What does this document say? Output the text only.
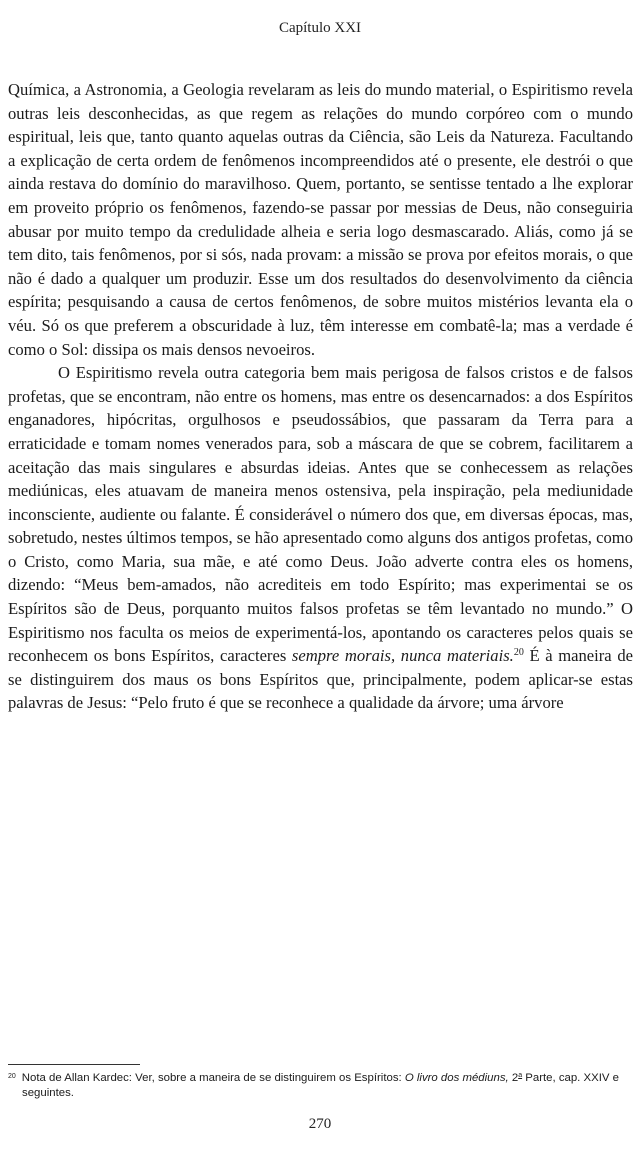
Capítulo XXI

Química, a Astronomia, a Geologia revelaram as leis do mundo material, o Espiritismo revela outras leis desconhecidas, as que regem as relações do mundo corpóreo com o mundo espiritual, leis que, tanto quanto aquelas outras da Ciência, são Leis da Natureza. Facultando a explicação de certa ordem de fenômenos incompreendidos até o presente, ele destrói o que ainda restava do domínio do maravilhoso. Quem, portanto, se sentisse tentado a lhe explorar em proveito próprio os fenômenos, fazendo-se passar por messias de Deus, não conseguiria abusar por muito tempo da credulidade alheia e seria logo desmascarado. Aliás, como já se tem dito, tais fenômenos, por si sós, nada provam: a missão se prova por efeitos morais, o que não é dado a qualquer um produzir. Esse um dos resultados do desenvolvimento da ciência espírita; pesquisando a causa de certos fenômenos, de sobre muitos mistérios levanta ela o véu. Só os que preferem a obscuridade à luz, têm interesse em combatê-la; mas a verdade é como o Sol: dissipa os mais densos nevoeiros.

O Espiritismo revela outra categoria bem mais perigosa de falsos cristos e de falsos profetas, que se encontram, não entre os homens, mas entre os desencarnados: a dos Espíritos enganadores, hipócritas, orgulhosos e pseudossábios, que passaram da Terra para a erraticidade e tomam nomes venerados para, sob a máscara de que se cobrem, facilitarem a aceitação das mais singulares e absurdas ideias. Antes que se conhecessem as relações mediúnicas, eles atuavam de maneira menos ostensiva, pela inspiração, pela mediunidade inconsciente, audiente ou falante. É considerável o número dos que, em diversas épocas, mas, sobretudo, nestes últimos tempos, se hão apresentado como alguns dos antigos profetas, como o Cristo, como Maria, sua mãe, e até como Deus. João adverte contra eles os homens, dizendo: “Meus bem-amados, não acrediteis em todo Espírito; mas experimentai se os Espíritos são de Deus, porquanto muitos falsos profetas se têm levantado no mundo.” O Espiritismo nos faculta os meios de experimentá-los, apontando os caracteres pelos quais se reconhecem os bons Espíritos, caracteres sempre morais, nunca materiais.$^{20}$ É à maneira de se distinguirem dos maus os bons Espíritos que, principalmente, podem aplicar-se estas palavras de Jesus: “Pelo fruto é que se reconhece a qualidade da árvore; uma árvore

$^{20}$ Nota de Allan Kardec: Ver, sobre a maneira de se distinguirem os Espíritos: O livro dos médiuns, 2$^a$ Parte, cap. XXIV e seguintes.
270
